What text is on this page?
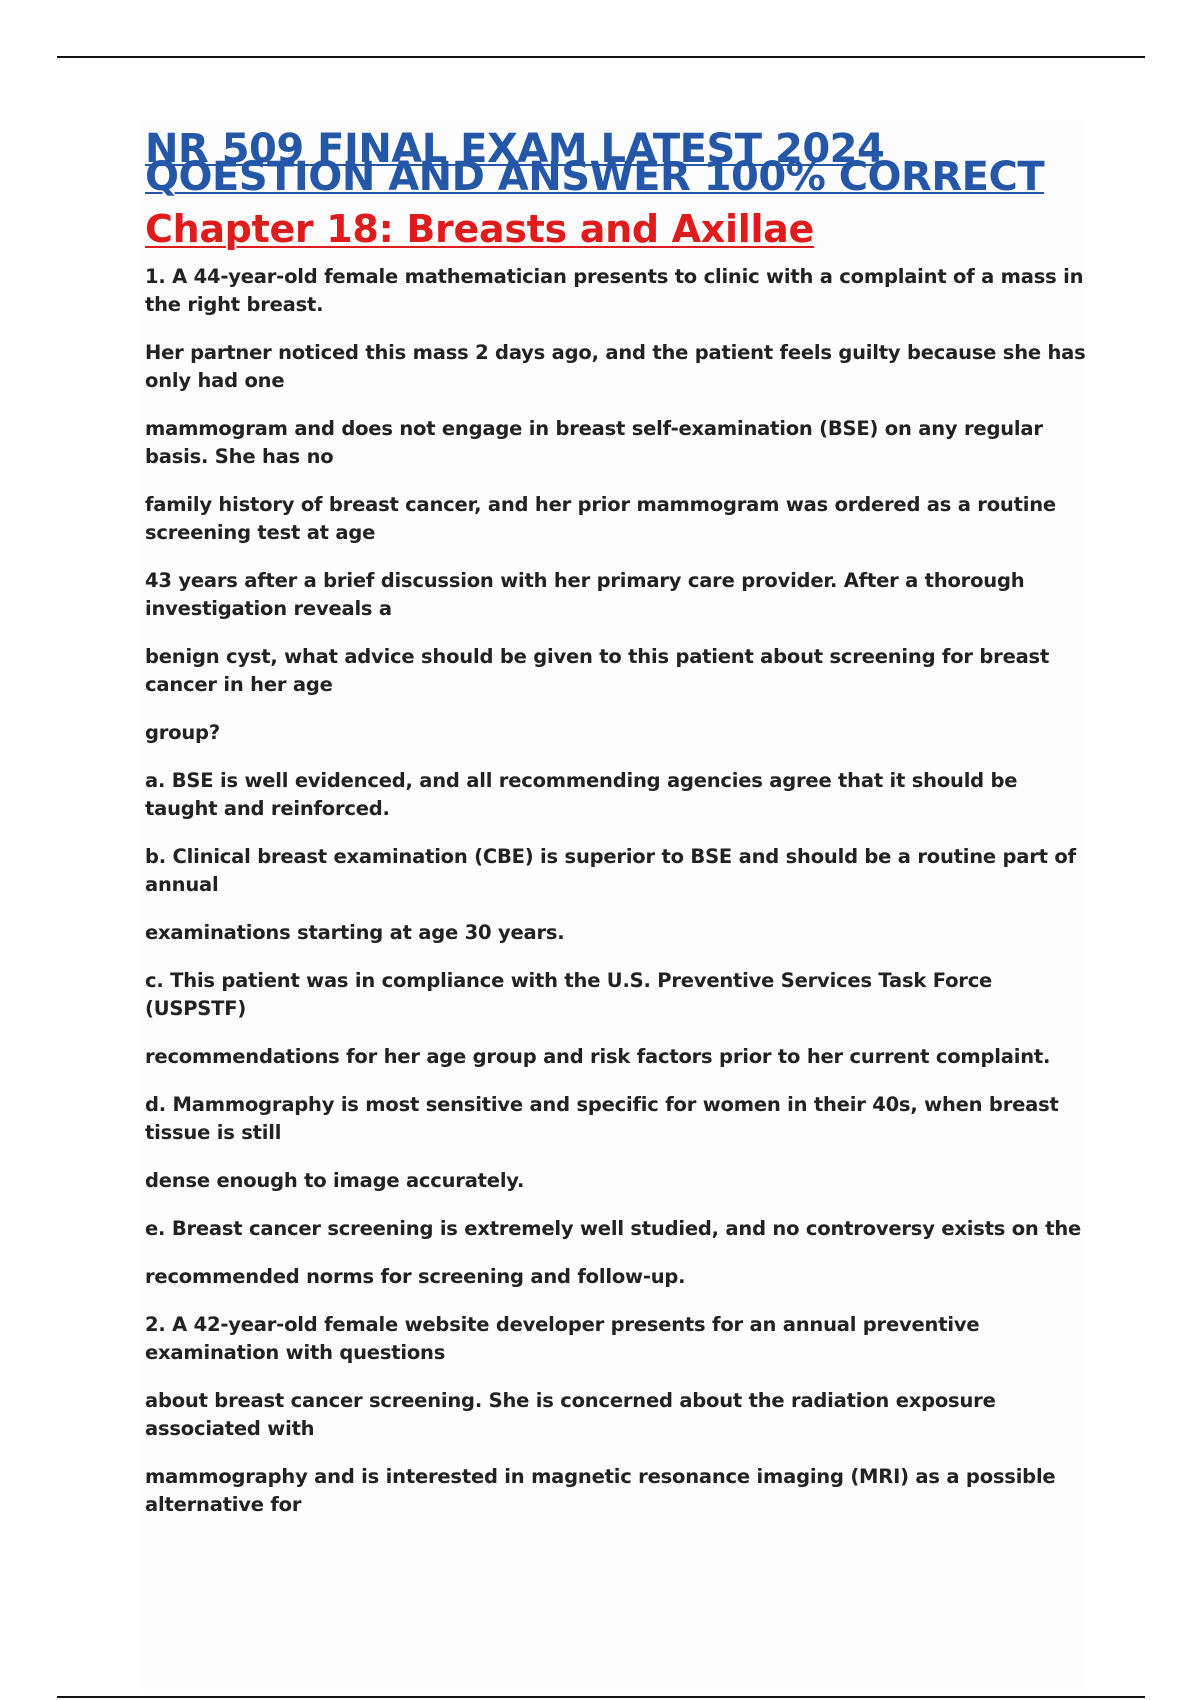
NR 509 FINAL EXAM LATEST 2024 QOESTION AND ANSWER 100% CORRECT
Chapter 18: Breasts and Axillae

1. A 44-year-old female mathematician presents to clinic with a complaint of a mass in the right breast.

Her partner noticed this mass 2 days ago, and the patient feels guilty because she has only had one

mammogram and does not engage in breast self-examination (BSE) on any regular basis. She has no

family history of breast cancer, and her prior mammogram was ordered as a routine screening test at age

43 years after a brief discussion with her primary care provider. After a thorough investigation reveals a

benign cyst, what advice should be given to this patient about screening for breast cancer in her age

group?

a. BSE is well evidenced, and all recommending agencies agree that it should be taught and reinforced.

b. Clinical breast examination (CBE) is superior to BSE and should be a routine part of annual

examinations starting at age 30 years.

c. This patient was in compliance with the U.S. Preventive Services Task Force (USPSTF)

recommendations for her age group and risk factors prior to her current complaint.

d. Mammography is most sensitive and specific for women in their 40s, when breast tissue is still

dense enough to image accurately.

e. Breast cancer screening is extremely well studied, and no controversy exists on the

recommended norms for screening and follow-up.

2. A 42-year-old female website developer presents for an annual preventive examination with questions

about breast cancer screening. She is concerned about the radiation exposure associated with

mammography and is interested in magnetic resonance imaging (MRI) as a possible alternative for
